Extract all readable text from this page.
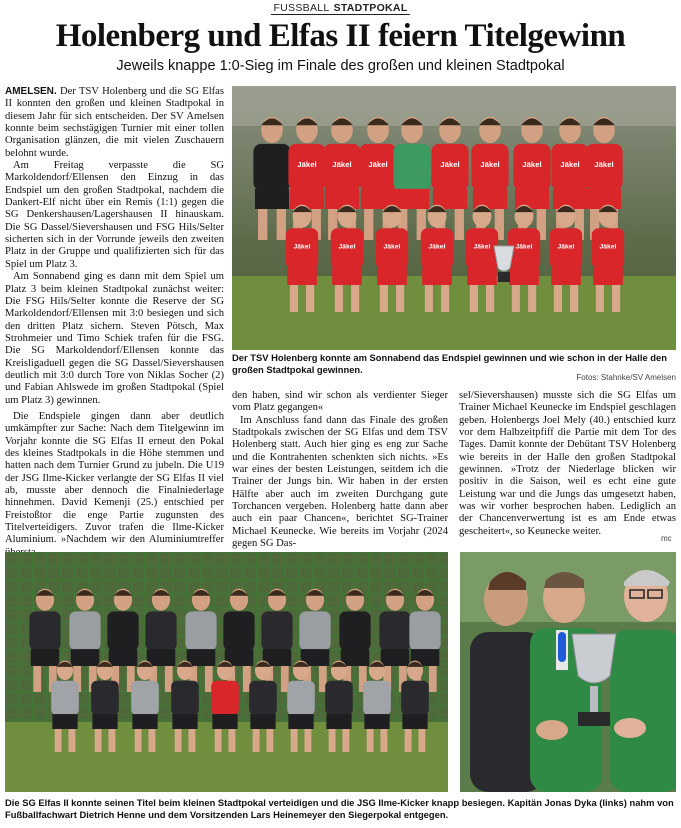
FUSSBALL STADTPOKAL
Holenberg und Elfas II feiern Titelgewinn
Jeweils knappe 1:0-Sieg im Finale des großen und kleinen Stadtpokal

AMELSEN. Der TSV Holenberg und die SG Elfas II konnten den großen und kleinen Stadtpokal in diesem Jahr für sich entscheiden. Der SV Amelsen konnte beim sechstägigen Turnier mit einer tollen Organisation glänzen, die mit vielen Zuschauern belohnt wurde.

Am Freitag verpasste die SG Markoldendorf/Ellensen den Einzug in das Endspiel um den großen Stadtpokal, nachdem die Dankert-Elf nicht über ein Remis (1:1) gegen die SG Denkershausen/Lagershausen II hinauskam. Die SG Dassel/Sievershausen und FSG Hils/Selter sicherten sich in der Vorrunde jeweils den zweiten Platz in der Gruppe und qualifizierten sich für das Spiel um Platz 3.

Am Sonnabend ging es dann mit dem Spiel um Platz 3 beim kleinen Stadtpokal zunächst weiter: Die FSG Hils/Selter konnte die Reserve der SG Markoldendorf/Ellensen mit 3:0 besiegen und sich den dritten Platz sichern. Steven Pötsch, Max Strohmeier und Timo Schiek trafen für die FSG. Die SG Markoldendorf/Ellensen konnte das Kreisligaduell gegen die SG Dassel/Sievershausen deutlich mit 3:0 durch Tore von Niklas Socher (2) und Fabian Ahlswede im großen Stadtpokal (Spiel um Platz 3) gewinnen.

Die Endspiele gingen dann aber deutlich umkämpfter zur Sache: Nach dem Titelgewinn im Vorjahr konnte die SG Elfas II erneut den Pokal des kleines Stadtpokals in die Höhe stemmen und hatten nach dem Turnier Grund zu jubeln. Die U19 der JSG Ilme-Kicker verlangte der SG Elfas II viel ab, musste aber dennoch die Finalniederlage hinnehmen. David Kemenji (25.) entschied per Freistoßtor die enge Partie zugunsten des Titelverteidigers. Zuvor trafen die Ilme-Kicker Aluminium. »Nachdem wir den Aluminiumtreffer

Jäkel Jäkel Jäkel	Jäkel	Jäkel	Jäkel Jäkel Jäkel
Jäkel	Jäkel	Jäkel	Jäkel	Jäkel	Jäkel	Jäkel	Jäkel
Der TSV Holenberg konnte am Sonnabend das Endspiel gewinnen und wie schon in der Halle den großen Stadtpokal gewinnen.
Fotos: Stahnke/SV Amelsen

den haben, sind wir schon als verdienter Sieger vom Platz gegangen«

Im Anschluss fand dann das Finale des großen Stadtpokals zwischen der SG Elfas und dem TSV Holenberg statt. Auch hier ging es eng zur Sache und die Kontrahenten schenkten sich nichts. »Es war eines der besten Leistungen, seitdem ich die Trainer der Jungs bin. Wir haben in der ersten Hälfte aber auch im zweiten Durchgang gute Torchancen vergeben. Holenberg hatte dann aber auch ein paar Chancen«, berichtet SG-Trainer Michael Keunecke. Wie bereits im Vorjahr (2024 gegen SG Das-

sel/Sievershausen) musste sich die SG Elfas um Trainer Michael Keunecke im Endspiel geschlagen geben. Holenbergs Joel Mely (40.) entschied kurz vor dem Halbzeitpfiff die Partie mit dem Tor des Tages. Damit konnte der Debütant TSV Holenberg wie bereits in der Halle den großen Stadtpokal gewinnen. »Trotz der Niederlage blicken wir positiv in die Saison, weil es echt eine gute Leistung war und die Jungs das umgesetzt haben, was wir vorher besprochen haben. Lediglich an der Chancenverwertung ist es am Ende etwas gescheitert«, so Keunecke weiter.

mc
Die SG Elfas II konnte seinen Titel beim kleinen Stadtpokal verteidigen und die JSG Ilme-Kicker knapp besiegen. Kapitän Jonas Dyka (links) nahm von Fußballfachwart Dietrich Henne und dem Vorsitzenden Lars Heinemeyer den Siegerpokal entgegen.
